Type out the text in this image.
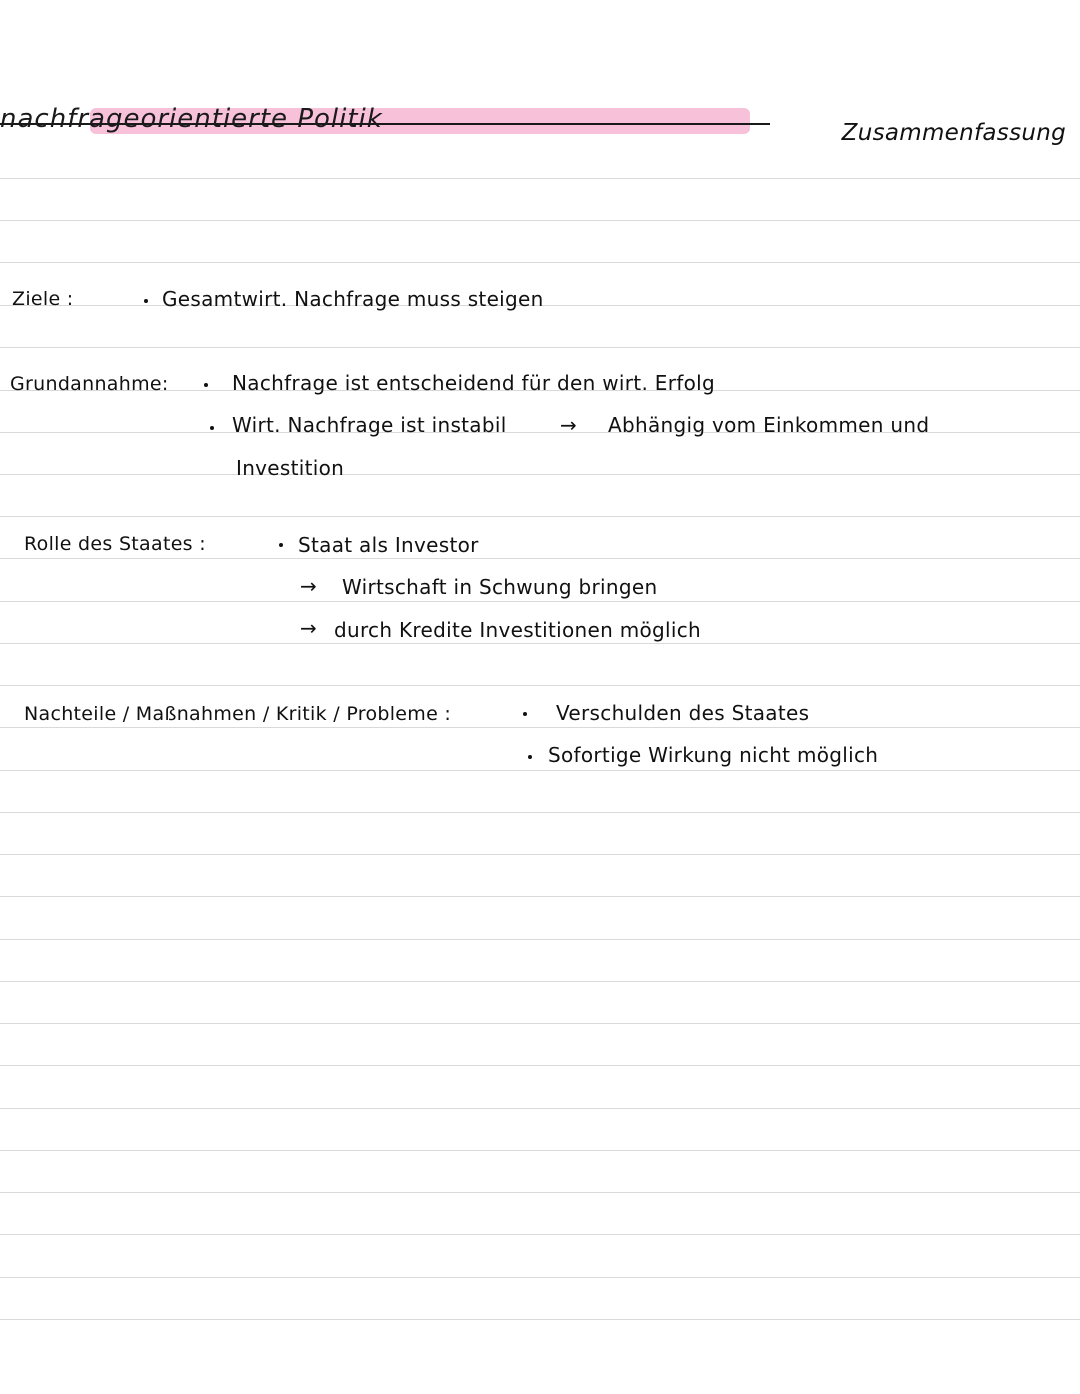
nachfrageorientierte Politik	Zusammenfassung
Ziele :	Gesamtwirt. Nachfrage muss steigen
Grundannahme:	Nachfrage ist entscheidend für den wirt. Erfolg
Wirt. Nachfrage ist instabil	→ Abhängig vom Einkommen und
Investition
Rolle des Staates :	Staat als Investor
→ Wirtschaft in Schwung bringen
→ durch Kredite Investitionen möglich
Nachteile / Maßnahmen / Kritik / Probleme :	Verschulden des Staates
Sofortige Wirkung nicht möglich
